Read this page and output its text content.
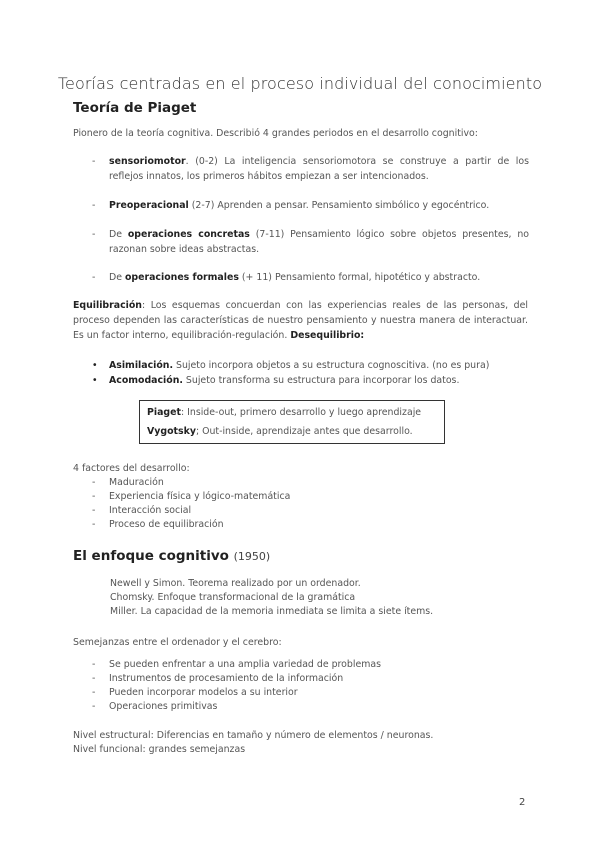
Teorías centradas en el proceso individual del conocimiento
Teoría de Piaget
Pionero de la teoría cognitiva. Describió 4 grandes periodos en el desarrollo cognitivo:
-	sensoriomotor. (0-2) La inteligencia sensoriomotora se construye a partir de los reflejos innatos, los primeros hábitos empiezan a ser intencionados.
-	Preoperacional (2-7) Aprenden a pensar. Pensamiento simbólico y egocéntrico.
-	De operaciones concretas (7-11) Pensamiento lógico sobre objetos presentes, no razonan sobre ideas abstractas.
-	De operaciones formales (+ 11) Pensamiento formal, hipotético y abstracto.
Equilibración: Los esquemas concuerdan con las experiencias reales de las personas, del proceso dependen las características de nuestro pensamiento y nuestra manera de interactuar. Es un factor interno, equilibración-regulación. Desequilibrio:
•	Asimilación. Sujeto incorpora objetos a su estructura cognoscitiva. (no es pura)
•	Acomodación. Sujeto transforma su estructura para incorporar los datos.
Piaget: Inside-out, primero desarrollo y luego aprendizaje
Vygotsky; Out-inside, aprendizaje antes que desarrollo.
4 factores del desarrollo:
-	Maduración
-	Experiencia física y lógico-matemática
-	Interacción social
-	Proceso de equilibración
El enfoque cognitivo (1950)
Newell y Simon. Teorema realizado por un ordenador.
Chomsky. Enfoque transformacional de la gramática
Miller. La capacidad de la memoria inmediata se limita a siete ítems.
Semejanzas entre el ordenador y el cerebro:
-	Se pueden enfrentar a una amplia variedad de problemas
-	Instrumentos de procesamiento de la información
-	Pueden incorporar modelos a su interior
-	Operaciones primitivas
Nivel estructural: Diferencias en tamaño y número de elementos / neuronas.
Nivel funcional: grandes semejanzas
2
